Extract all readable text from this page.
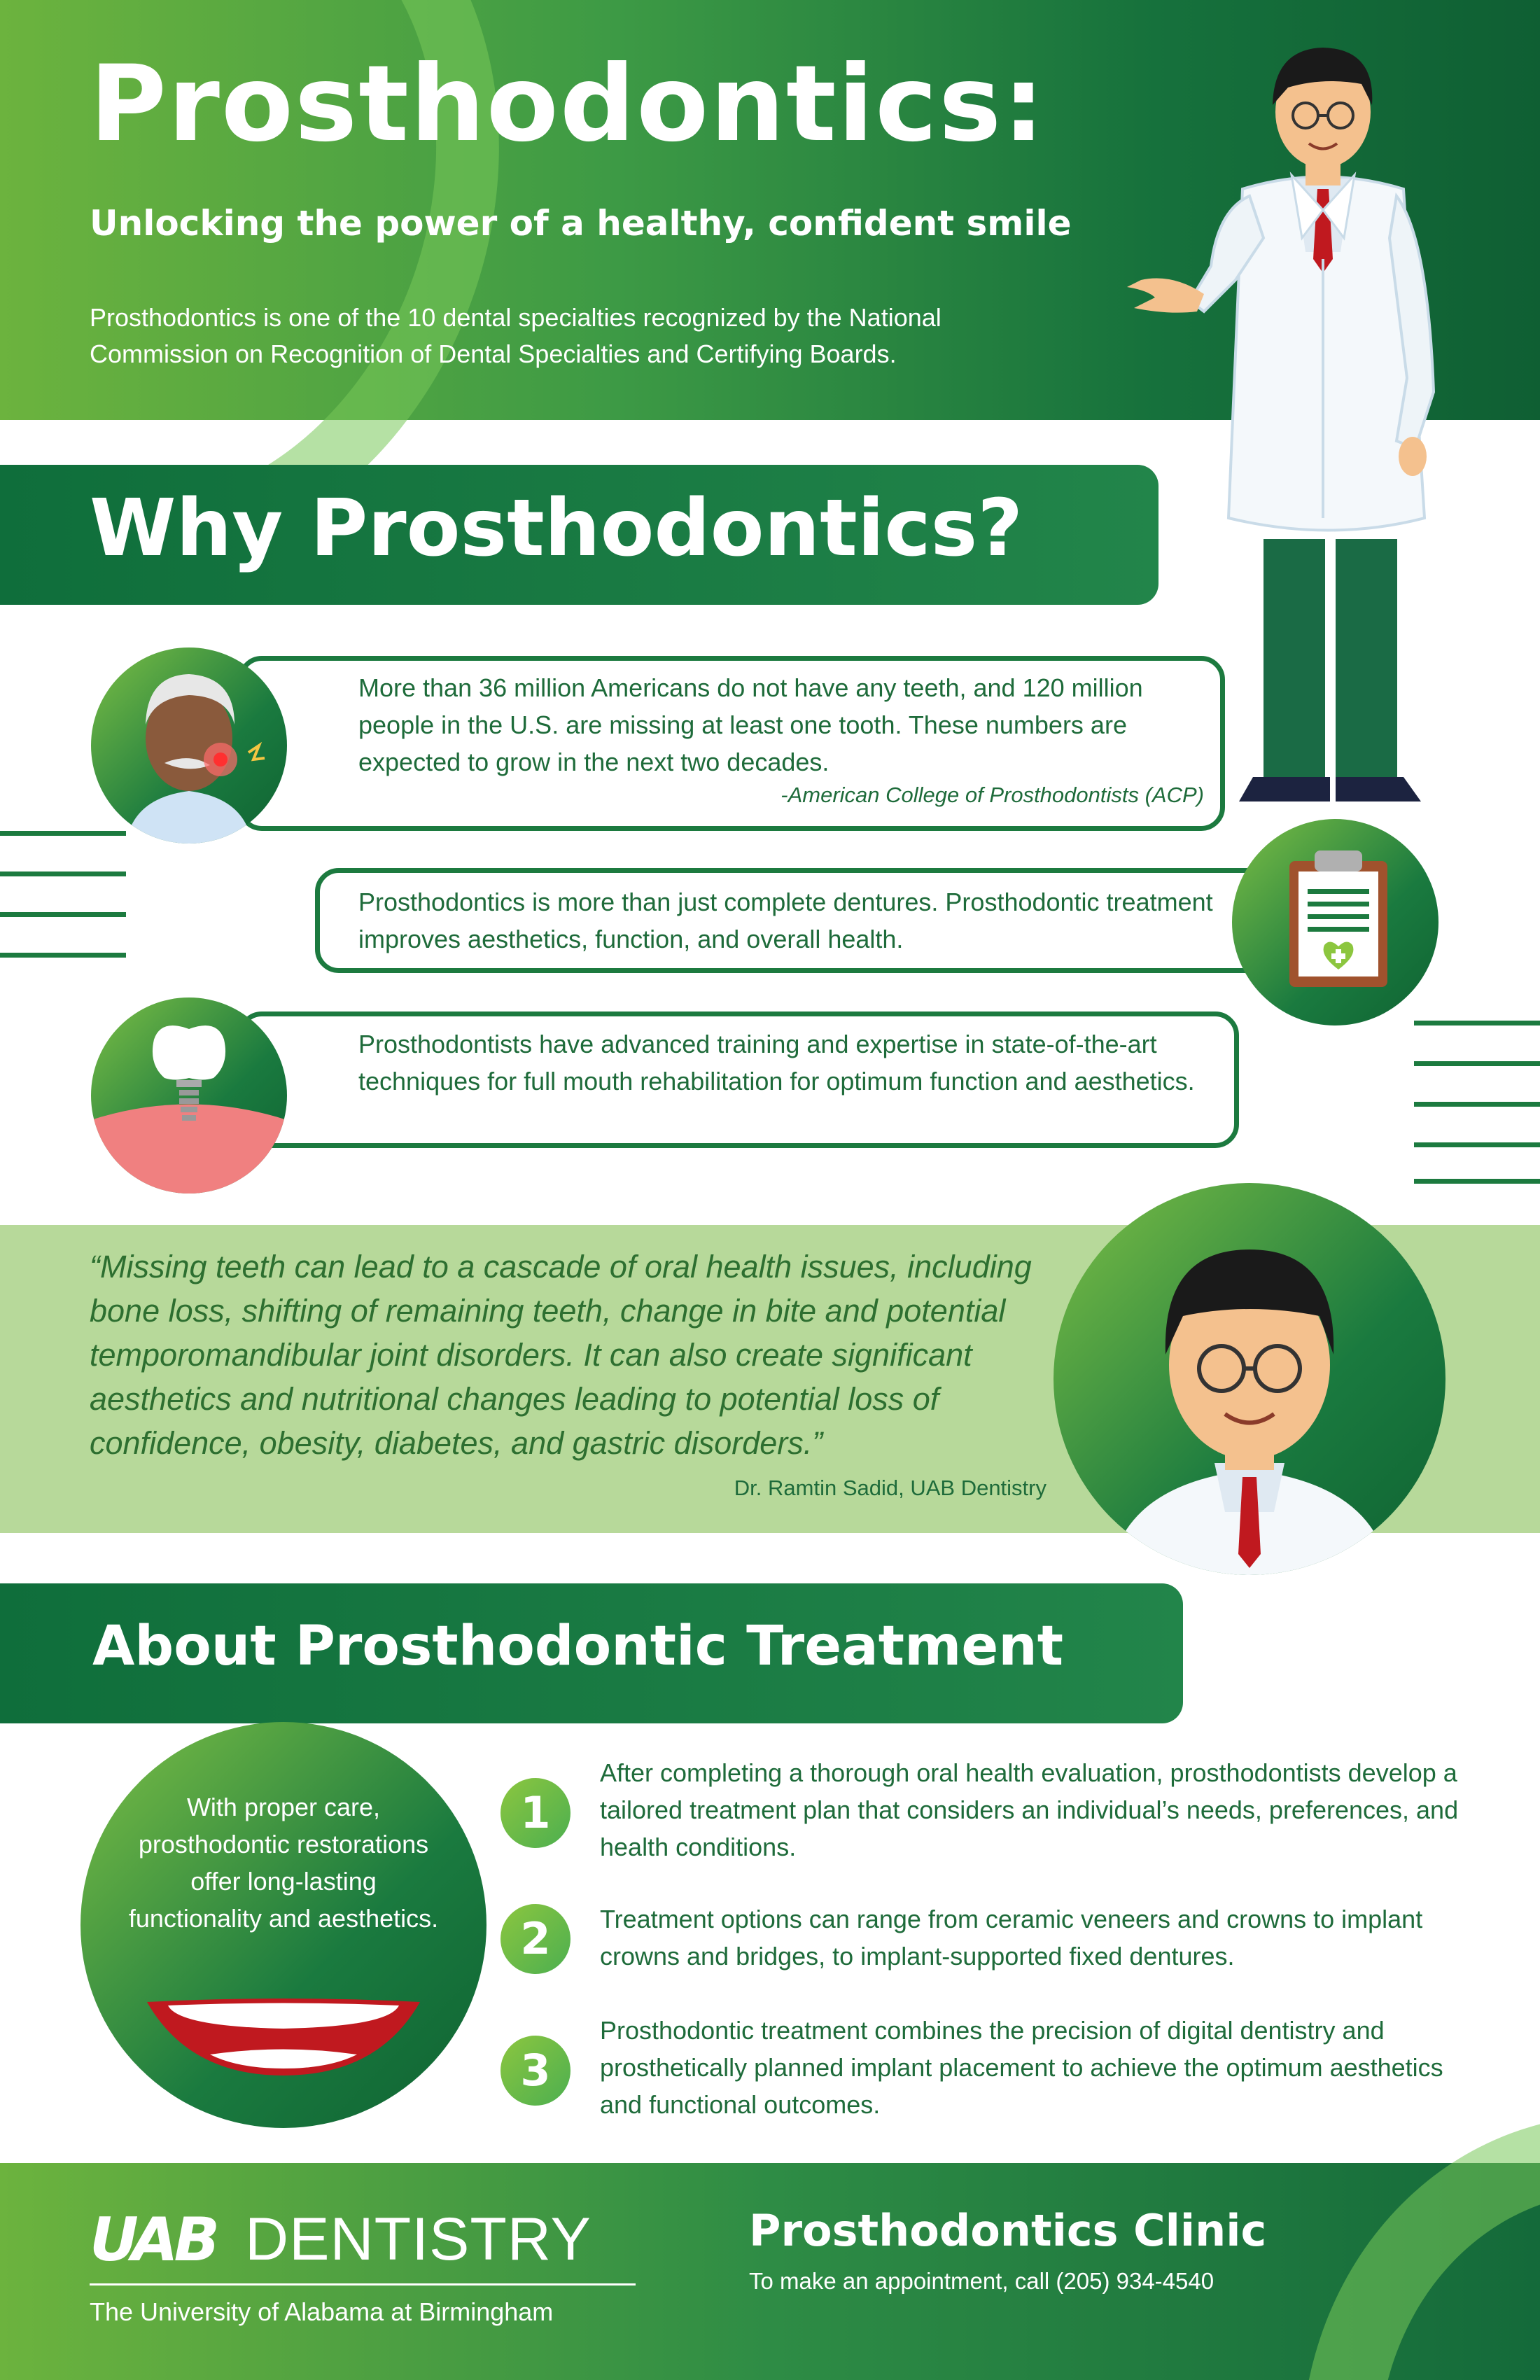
Prosthodontics:
Unlocking the power of a healthy, confident smile
Prosthodontics is one of the 10 dental specialties recognized by the National Commission on Recognition of Dental Specialties and Certifying Boards.
Why Prosthodontics?
More than 36 million Americans do not have any teeth, and 120 million people in the U.S. are missing at least one tooth. These numbers are expected to grow in the next two decades.
-American College of Prosthodontists (ACP)
Prosthodontics is more than just complete dentures. Prosthodontic treatment improves aesthetics, function, and overall health.
Prosthodontists have advanced training and expertise in state-of-the-art techniques for full mouth rehabilitation for optimum function and aesthetics.
“Missing teeth can lead to a cascade of oral health issues, including bone loss, shifting of remaining teeth, change in bite and potential temporomandibular joint disorders. It can also create significant aesthetics and nutritional changes leading to potential loss of confidence, obesity, diabetes, and gastric disorders.”
Dr. Ramtin Sadid, UAB Dentistry
About Prosthodontic Treatment
With proper care, prosthodontic restorations offer long-lasting functionality and aesthetics.
1
After completing a thorough oral health evaluation, prosthodontists develop a tailored treatment plan that considers an individual’s needs, preferences, and health conditions.
2	Treatment options can range from ceramic veneers and crowns to implant crowns and bridges, to implant-supported fixed dentures.
3
Prosthodontic treatment combines the precision of digital dentistry and prosthetically planned implant placement to achieve the optimum aesthetics and functional outcomes.
UAB DENTISTRY
The University of Alabama at Birmingham
Prosthodontics Clinic
To make an appointment, call (205) 934-4540
